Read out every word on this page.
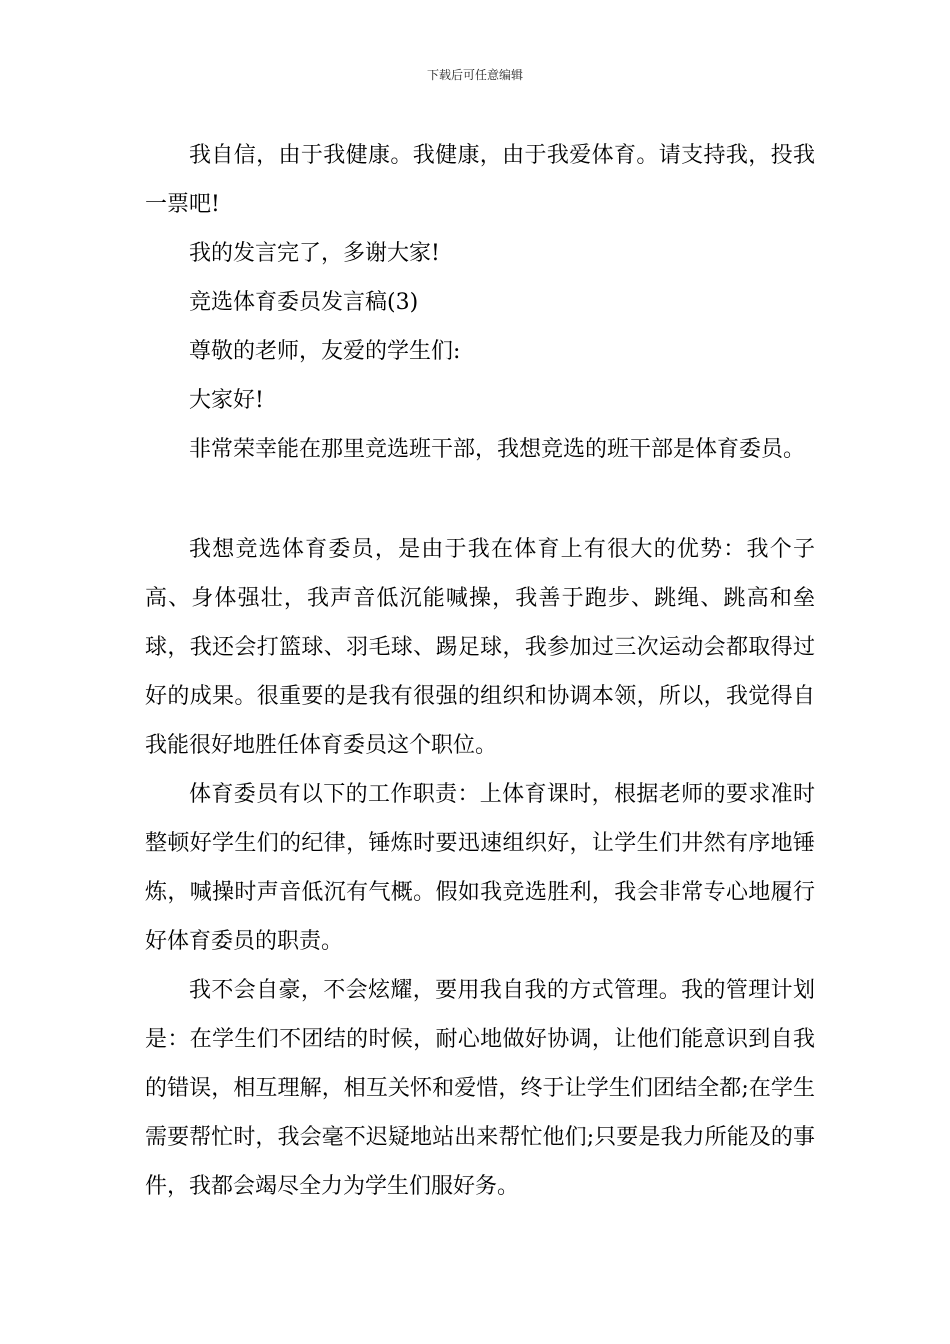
下载后可任意编辑

我自信，由于我健康。我健康，由于我爱体育。请支持我，投我一票吧!

我的发言完了，多谢大家!

竞选体育委员发言稿(3)

尊敬的老师，友爱的学生们:

大家好!

非常荣幸能在那里竞选班干部，我想竞选的班干部是体育委员。

我想竞选体育委员，是由于我在体育上有很大的优势：我个子高、身体强壮，我声音低沉能喊操，我善于跑步、跳绳、跳高和垒球，我还会打篮球、羽毛球、踢足球，我参加过三次运动会都取得过好的成果。很重要的是我有很强的组织和协调本领，所以，我觉得自我能很好地胜任体育委员这个职位。

体育委员有以下的工作职责：上体育课时，根据老师的要求准时整顿好学生们的纪律，锤炼时要迅速组织好，让学生们井然有序地锤炼，喊操时声音低沉有气概。假如我竞选胜利，我会非常专心地履行好体育委员的职责。

我不会自豪，不会炫耀，要用我自我的方式管理。我的管理计划是：在学生们不团结的时候，耐心地做好协调，让他们能意识到自我的错误，相互理解，相互关怀和爱惜，终于让学生们团结全都;在学生需要帮忙时，我会毫不迟疑地站出来帮忙他们;只要是我力所能及的事件，我都会竭尽全力为学生们服好务。
